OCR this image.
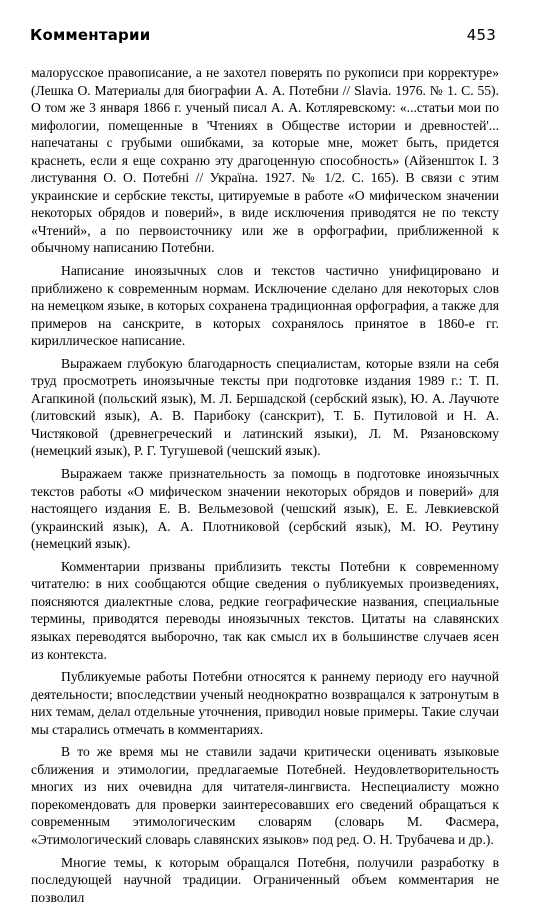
Комментарии	453

малорусское правописание, а не захотел поверять по рукописи при корректуре» (Лешка О. Материалы для биографии А. А. Потебни // Slavia. 1976. № 1. С. 55). О том же 3 января 1866 г. ученый писал А. А. Котляревскому: «...статьи мои по мифологии, помещенные в 'Чтениях в Обществе истории и древностей'... напечатаны с грубыми ошибками, за которые мне, может быть, придется краснеть, если я еще сохраню эту драгоценную способность» (Айзеншток I. З листування О. О. Потебнi // Україна. 1927. № 1/2. С. 165). В связи с этим украинские и сербские тексты, цитируемые в работе «О мифическом значении некоторых обрядов и поверий», в виде исключения приводятся не по тексту «Чтений», а по первоисточнику или же в орфографии, приближенной к обычному написанию Потебни.

Написание иноязычных слов и текстов частично унифицировано и приближено к современным нормам. Исключение сделано для некоторых слов на немецком языке, в которых сохранена традиционная орфография, а также для примеров на санскрите, в которых сохранялось принятое в 1860-е гг. кириллическое написание.

Выражаем глубокую благодарность специалистам, которые взяли на себя труд просмотреть иноязычные тексты при подготовке издания 1989 г.: Т. П. Агапкиной (польский язык), М. Л. Бершадской (сербский язык), Ю. А. Лаучюте (литовский язык), А. В. Парибоку (санскрит), Т. Б. Путиловой и Н. А. Чистяковой (древнегреческий и латинский языки), Л. М. Рязановскому (немецкий язык), Р. Г. Тугушевой (чешский язык).

Выражаем также признательность за помощь в подготовке иноязычных текстов работы «О мифическом значении некоторых обрядов и поверий» для настоящего издания Е. В. Вельмезовой (чешский язык), Е. Е. Левкиевской (украинский язык), А. А. Плотниковой (сербский язык), М. Ю. Реутину (немецкий язык).

Комментарии призваны приблизить тексты Потебни к современному читателю: в них сообщаются общие сведения о публикуемых произведениях, поясняются диалектные слова, редкие географические названия, специальные термины, приводятся переводы иноязычных текстов. Цитаты на славянских языках переводятся выборочно, так как смысл их в большинстве случаев ясен из контекста.

Публикуемые работы Потебни относятся к раннему периоду его научной деятельности; впоследствии ученый неоднократно возвращался к затронутым в них темам, делал отдельные уточнения, приводил новые примеры. Такие случаи мы старались отмечать в комментариях.

В то же время мы не ставили задачи критически оценивать языковые сближения и этимологии, предлагаемые Потебней. Неудовлетворительность многих из них очевидна для читателя-лингвиста. Неспециалисту можно порекомендовать для проверки заинтересовавших его сведений обращаться к современным этимологическим словарям (словарь М. Фасмера, «Этимологический словарь славянских языков» под ред. О. Н. Трубачева и др.).

Многие темы, к которым обращался Потебня, получили разработку в последующей научной традиции. Ограниченный объем комментария не позволил
